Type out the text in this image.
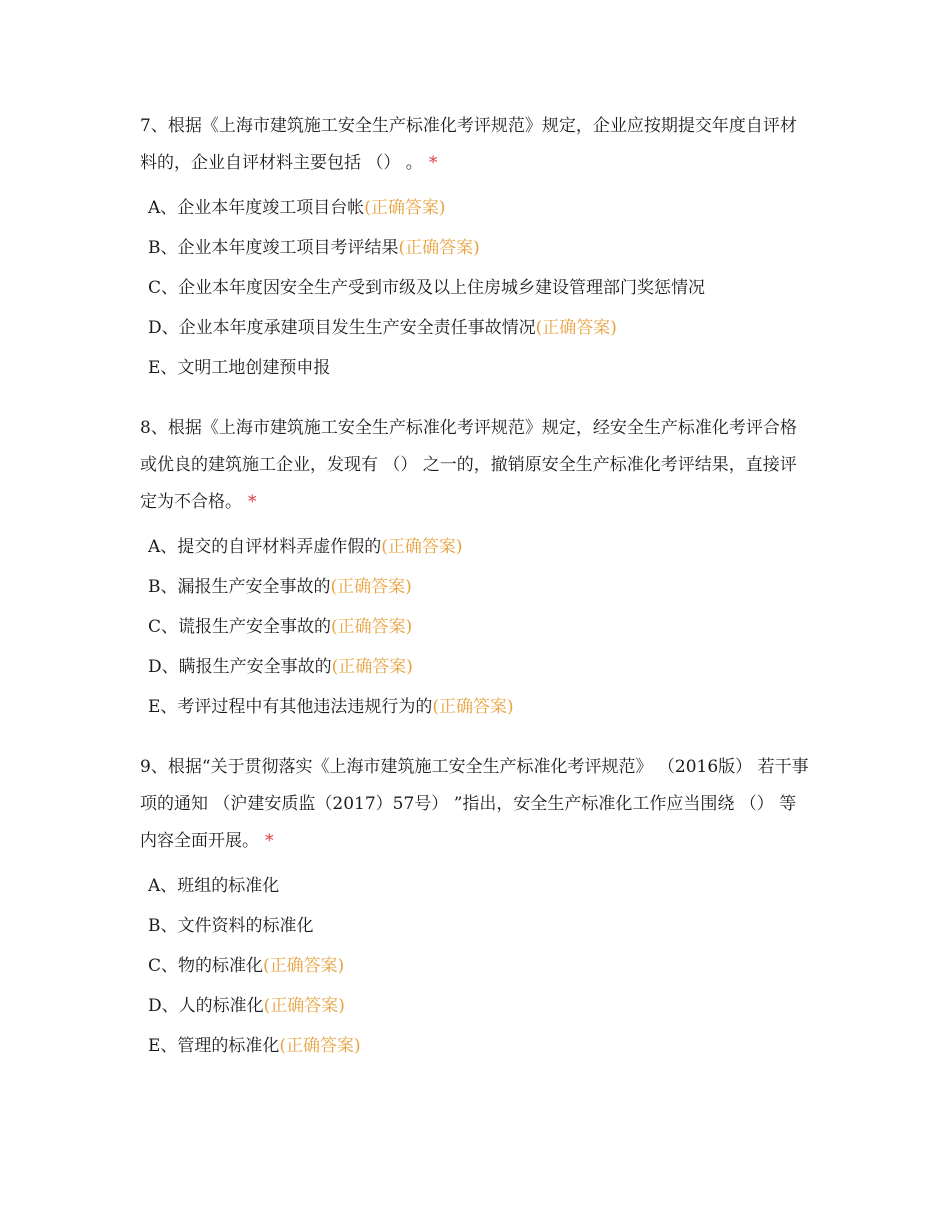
7、根据《上海市建筑施工安全生产标准化考评规范》规定，企业应按期提交年度自评材料的，企业自评材料主要包括 （） 。 *

A、企业本年度竣工项目台帐(正确答案)
B、企业本年度竣工项目考评结果(正确答案)
C、企业本年度因安全生产受到市级及以上住房城乡建设管理部门奖惩情况
D、企业本年度承建项目发生生产安全责任事故情况(正确答案)
E、文明工地创建预申报

8、根据《上海市建筑施工安全生产标准化考评规范》规定，经安全生产标准化考评合格或优良的建筑施工企业，发现有 （） 之一的，撤销原安全生产标准化考评结果，直接评定为不合格。 *

A、提交的自评材料弄虚作假的(正确答案)
B、漏报生产安全事故的(正确答案)
C、谎报生产安全事故的(正确答案)
D、瞒报生产安全事故的(正确答案)
E、考评过程中有其他违法违规行为的(正确答案)

9、根据“关于贯彻落实《上海市建筑施工安全生产标准化考评规范》 （2016版） 若干事项的通知 （沪建安质监（2017）57号） ”指出，安全生产标准化工作应当围绕 （） 等内容全面开展。 *

A、班组的标准化
B、文件资料的标准化
C、物的标准化(正确答案)
D、人的标准化(正确答案)
E、管理的标准化(正确答案)
